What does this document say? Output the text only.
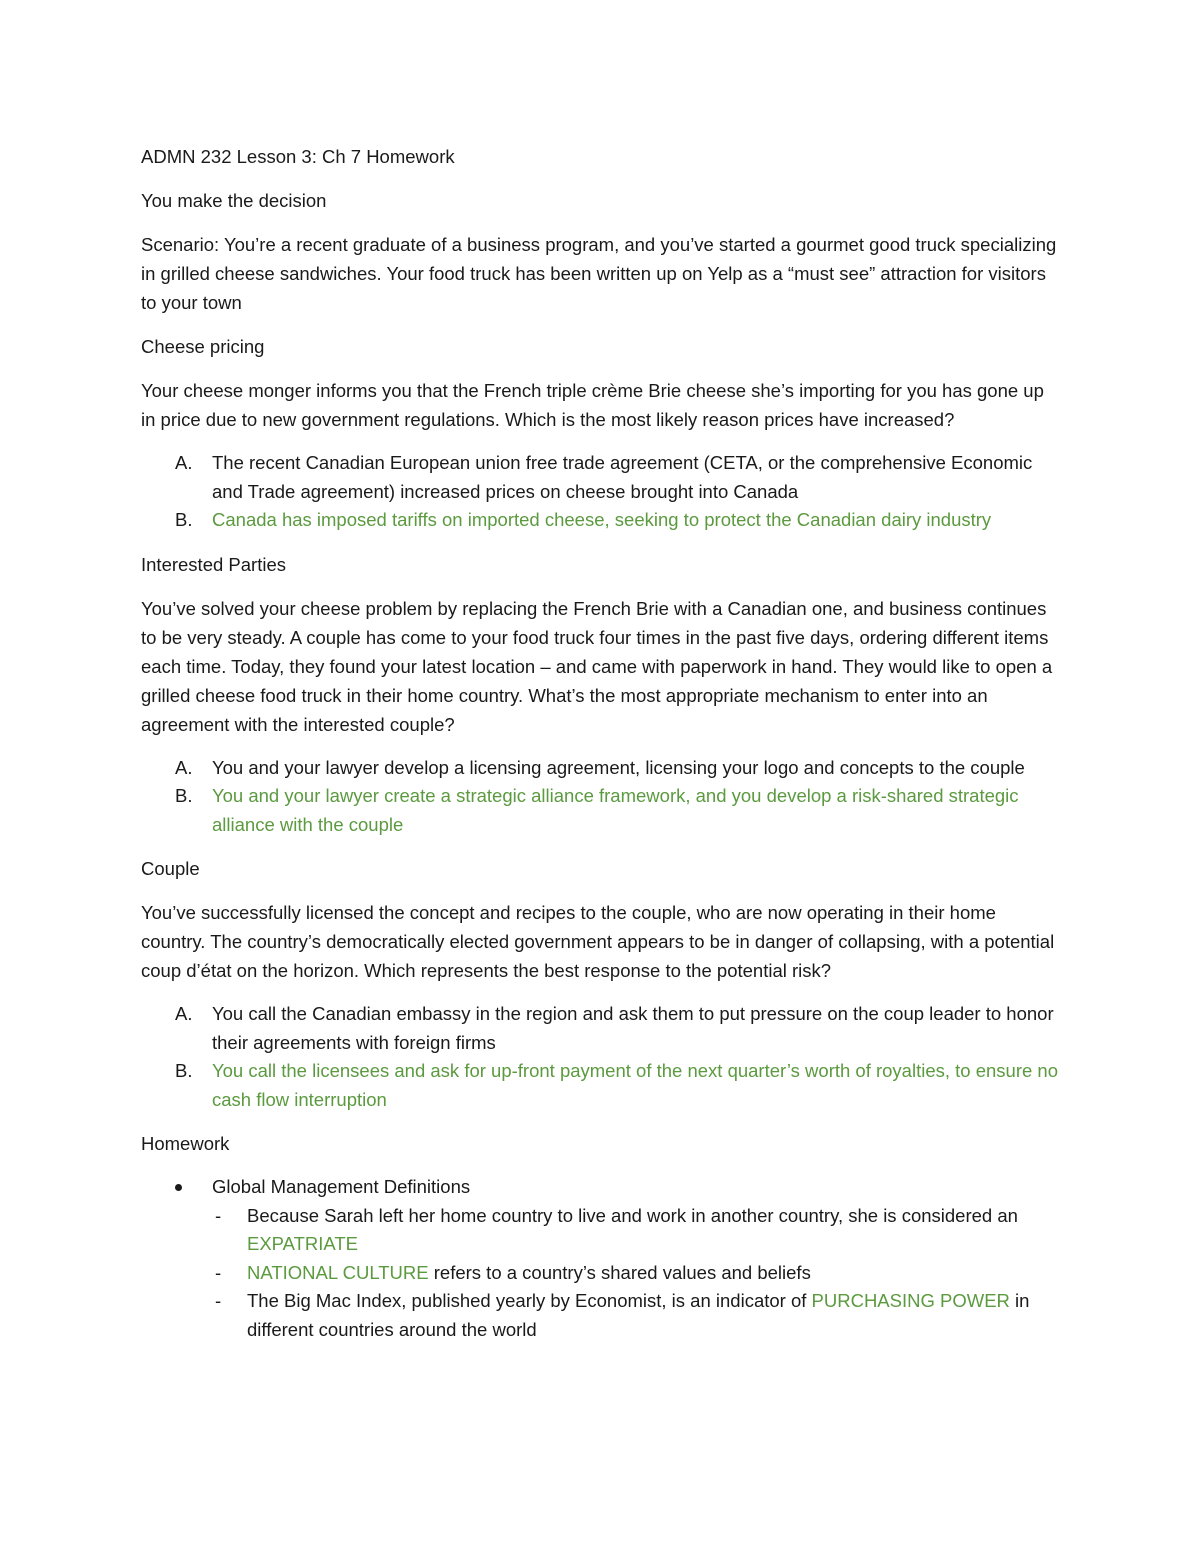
ADMN 232 Lesson 3: Ch 7 Homework

You make the decision

Scenario: You’re a recent graduate of a business program, and you’ve started a gourmet good truck specializing in grilled cheese sandwiches. Your food truck has been written up on Yelp as a “must see” attraction for visitors to your town

Cheese pricing

Your cheese monger informs you that the French triple crème Brie cheese she’s importing for you has gone up in price due to new government regulations. Which is the most likely reason prices have increased?

A. The recent Canadian European union free trade agreement (CETA, or the comprehensive Economic and Trade agreement) increased prices on cheese brought into Canada
B. Canada has imposed tariffs on imported cheese, seeking to protect the Canadian dairy industry

Interested Parties

You’ve solved your cheese problem by replacing the French Brie with a Canadian one, and business continues to be very steady. A couple has come to your food truck four times in the past five days, ordering different items each time. Today, they found your latest location – and came with paperwork in hand. They would like to open a grilled cheese food truck in their home country. What’s the most appropriate mechanism to enter into an agreement with the interested couple?

A. You and your lawyer develop a licensing agreement, licensing your logo and concepts to the couple
B. You and your lawyer create a strategic alliance framework, and you develop a risk-shared strategic alliance with the couple

Couple

You’ve successfully licensed the concept and recipes to the couple, who are now operating in their home country. The country’s democratically elected government appears to be in danger of collapsing, with a potential coup d’état on the horizon. Which represents the best response to the potential risk?

A. You call the Canadian embassy in the region and ask them to put pressure on the coup leader to honor their agreements with foreign firms
B. You call the licensees and ask for up-front payment of the next quarter’s worth of royalties, to ensure no cash flow interruption

Homework

Global Management Definitions
- Because Sarah left her home country to live and work in another country, she is considered an EXPATRIATE
- NATIONAL CULTURE refers to a country’s shared values and beliefs
- The Big Mac Index, published yearly by Economist, is an indicator of PURCHASING POWER in different countries around the world
